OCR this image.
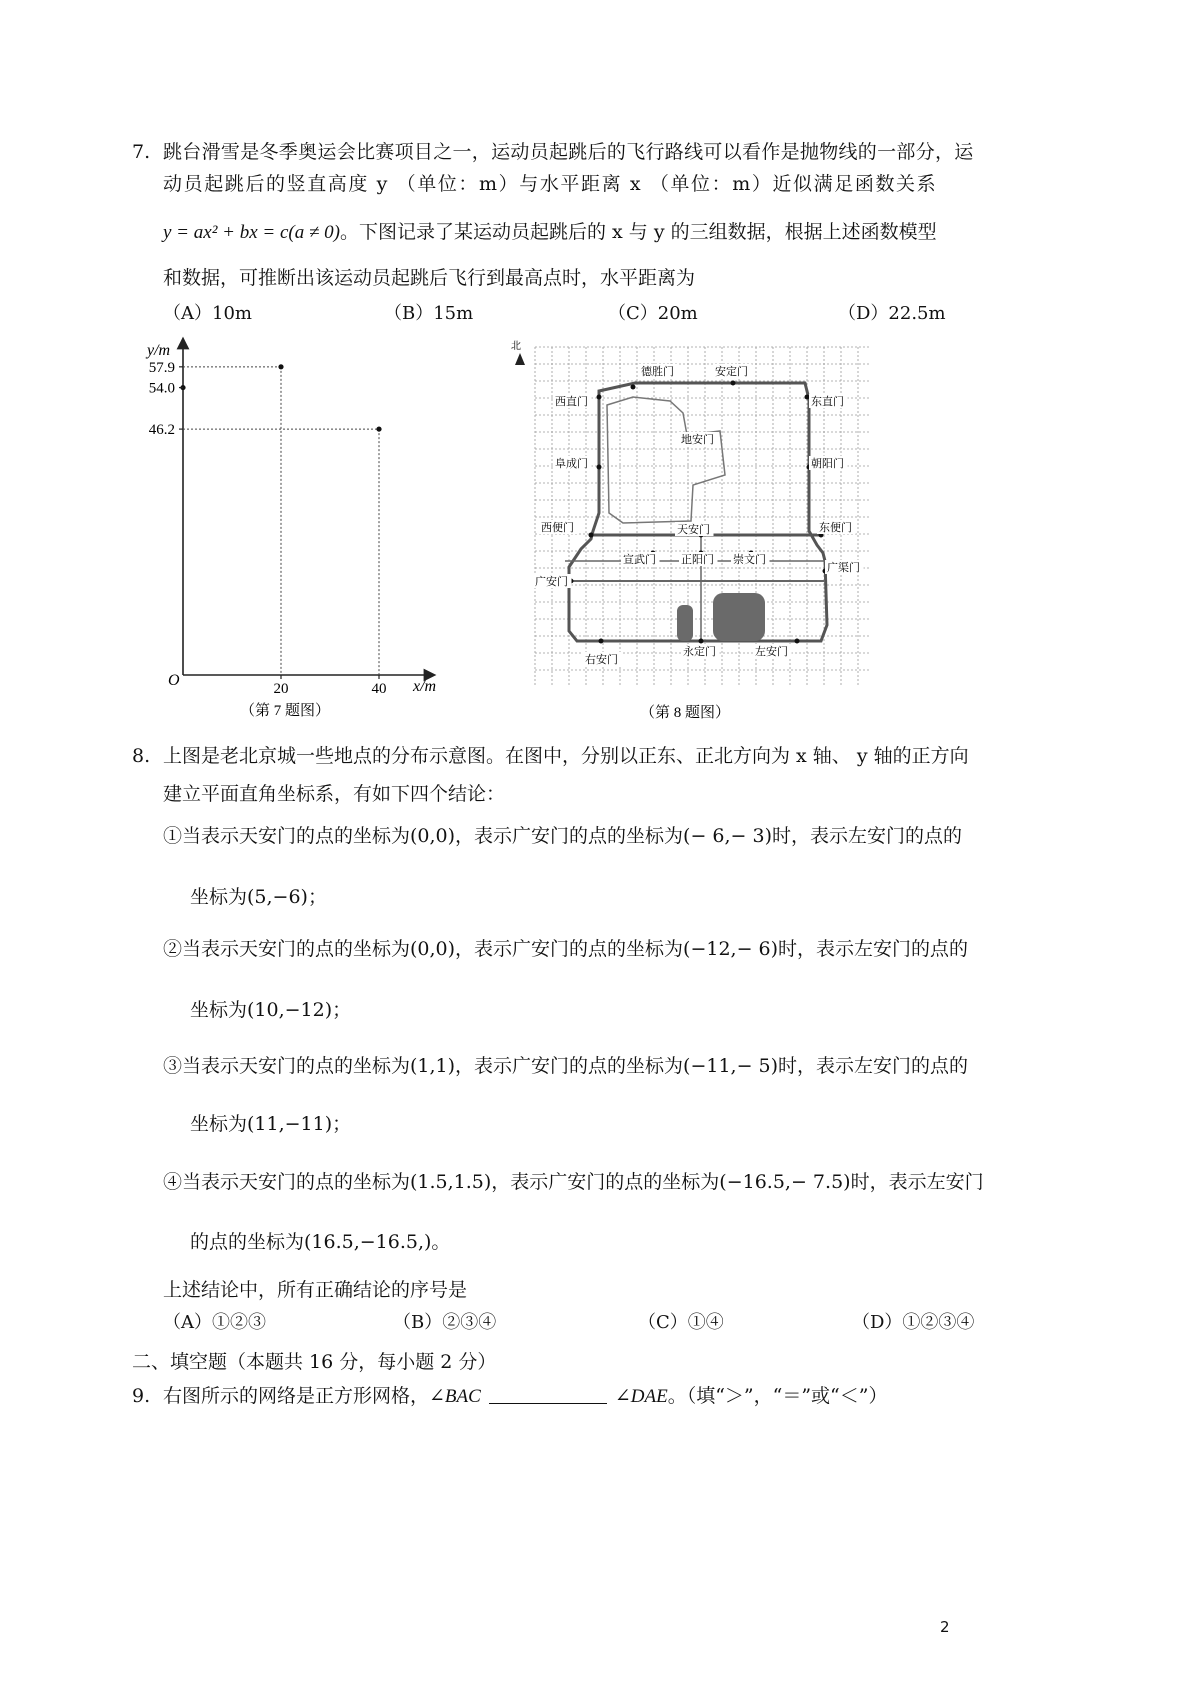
7. 跳台滑雪是冬季奥运会比赛项目之一，运动员起跳后的飞行路线可以看作是抛物线的一部分，运
动员起跳后的竖直高度 y （单位：m）与水平距离 x （单位：m）近似满足函数关系
y = ax² + bx = c(a ≠ 0)。下图记录了某运动员起跳后的 x 与 y 的三组数据，根据上述函数模型
和数据，可推断出该运动员起跳后飞行到最高点时，水平距离为
（A）10m	（B）15m	（C）20m	（D）22.5m
y/m
x/m
O
57.9
54.0
46.2
20	40
（第 7 题图）
北
德胜门	安定门
西直门	东直门
地安门
阜成门	朝阳门
西便门	天安门	东便门
宣武门 正阳门 崇文门
广渠门
广安门
右安门
永定门	左安门
（第 8 题图）
8. 上图是老北京城一些地点的分布示意图。在图中，分别以正东、正北方向为 x 轴、 y 轴的正方向
建立平面直角坐标系，有如下四个结论：
①当表示天安门的点的坐标为(0,0)，表示广安门的点的坐标为(− 6,− 3)时，表示左安门的点的
坐标为(5,−6)；
②当表示天安门的点的坐标为(0,0)，表示广安门的点的坐标为(−12,− 6)时，表示左安门的点的
坐标为(10,−12)；
③当表示天安门的点的坐标为(1,1)，表示广安门的点的坐标为(−11,− 5)时，表示左安门的点的
坐标为(11,−11)；
④当表示天安门的点的坐标为(1.5,1.5)，表示广安门的点的坐标为(−16.5,− 7.5)时，表示左安门
的点的坐标为(16.5,−16.5,)。
上述结论中，所有正确结论的序号是
（A）①②③	（B）②③④	（C）①④	（D）①②③④
二、填空题（本题共 16 分，每小题 2 分）
9. 右图所示的网络是正方形网格，∠BAC	∠DAE。（填“＞”，“＝”或“＜”）
2
